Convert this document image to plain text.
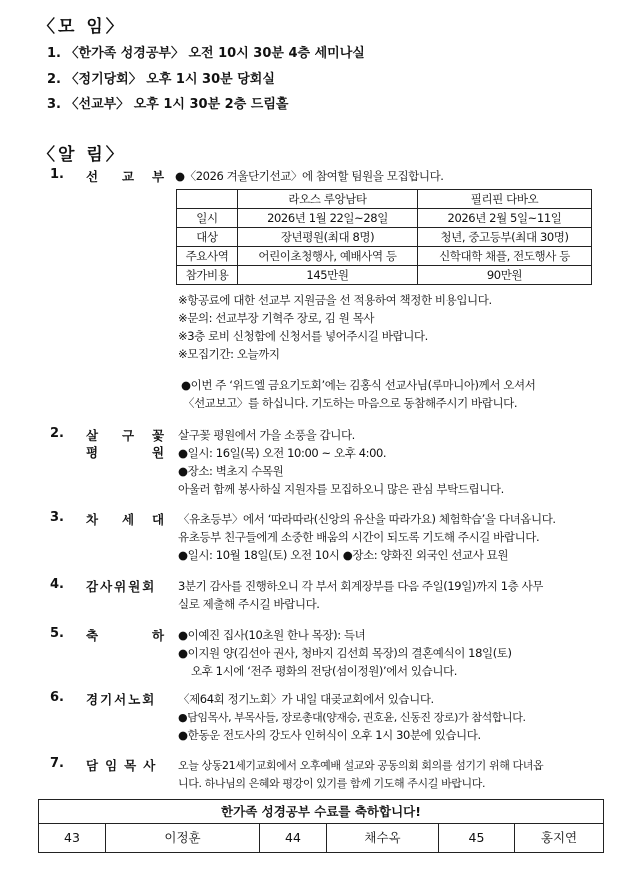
〈모 임〉
1. 〈한가족 성경공부〉 오전 10시 30분 4층 세미나실
2. 〈정기당회〉 오후 1시 30분 당회실
3. 〈선교부〉 오후 1시 30분 2층 드림홀
〈알 림〉
1. 선 교 부 ●〈2026 겨울단기선교〉에 참여할 팀원을 모집합니다.
	라오스 루앙남타	필리핀 다바오
일시	2026년 1월 22일~28일	2026년 2월 5일~11일
대상	장년평원(최대 8명)	청년, 중고등부(최대 30명)
주요사역	어린이초청행사, 예배사역 등	신학대학 채플, 전도행사 등
참가비용	145만원	90만원
※항공료에 대한 선교부 지원금을 선 적용하여 책정한 비용입니다.
※문의: 선교부장 기혁주 장로, 김 원 목사
※3층 로비 신청함에 신청서를 넣어주시길 바랍니다.
※모집기간: 오늘까지
●이번 주 ‘위드엘 금요기도회’에는 김홍식 선교사님(루마니아)께서 오셔서
〈선교보고〉를 하십니다. 기도하는 마음으로 동참해주시기 바랍니다.
2. 살 구 꽃
평	원
살구꽃 평원에서 가을 소풍을 갑니다.
●일시: 16일(목) 오전 10:00 ~ 오후 4:00.
●장소: 벽초지 수목원
아울러 함께 봉사하실 지원자를 모집하오니 많은 관심 부탁드립니다.
3. 차 세 대 〈유초등부〉에서 ‘따라따라(신앙의 유산을 따라가요) 체험학습’을 다녀옵니다.
유초등부 친구들에게 소중한 배움의 시간이 되도록 기도해 주시길 바랍니다.
●일시: 10월 18일(토) 오전 10시 ●장소: 양화진 외국인 선교사 묘원
4. 감사위원회 3분기 감사를 진행하오니 각 부서 회계장부를 다음 주일(19일)까지 1층 사무
실로 제출해 주시길 바랍니다.
5. 축	하 ●이예진 집사(10초원 한나 목장): 득녀
●이지원 양(김선아 권사, 청바지 김선희 목장)의 결혼예식이 18일(토)
오후 1시에 ‘전주 평화의 전당(섬이정원)’에서 있습니다.
6. 경기서노회 〈제64회 정기노회〉가 내일 대곶교회에서 있습니다.
●담임목사, 부목사들, 장로총대(양재승, 권호윤, 신동진 장로)가 참석합니다.
●한동운 전도사의 강도사 인허식이 오후 1시 30분에 있습니다.
7. 담임목사 오늘 상동21세기교회에서 오후예배 설교와 공동의회 회의를 섬기기 위해 다녀옵
니다. 하나님의 은혜와 평강이 있기를 함께 기도해 주시길 바랍니다.
한가족 성경공부 수료를 축하합니다!
43	이정훈	44	채수옥	45	홍지연
